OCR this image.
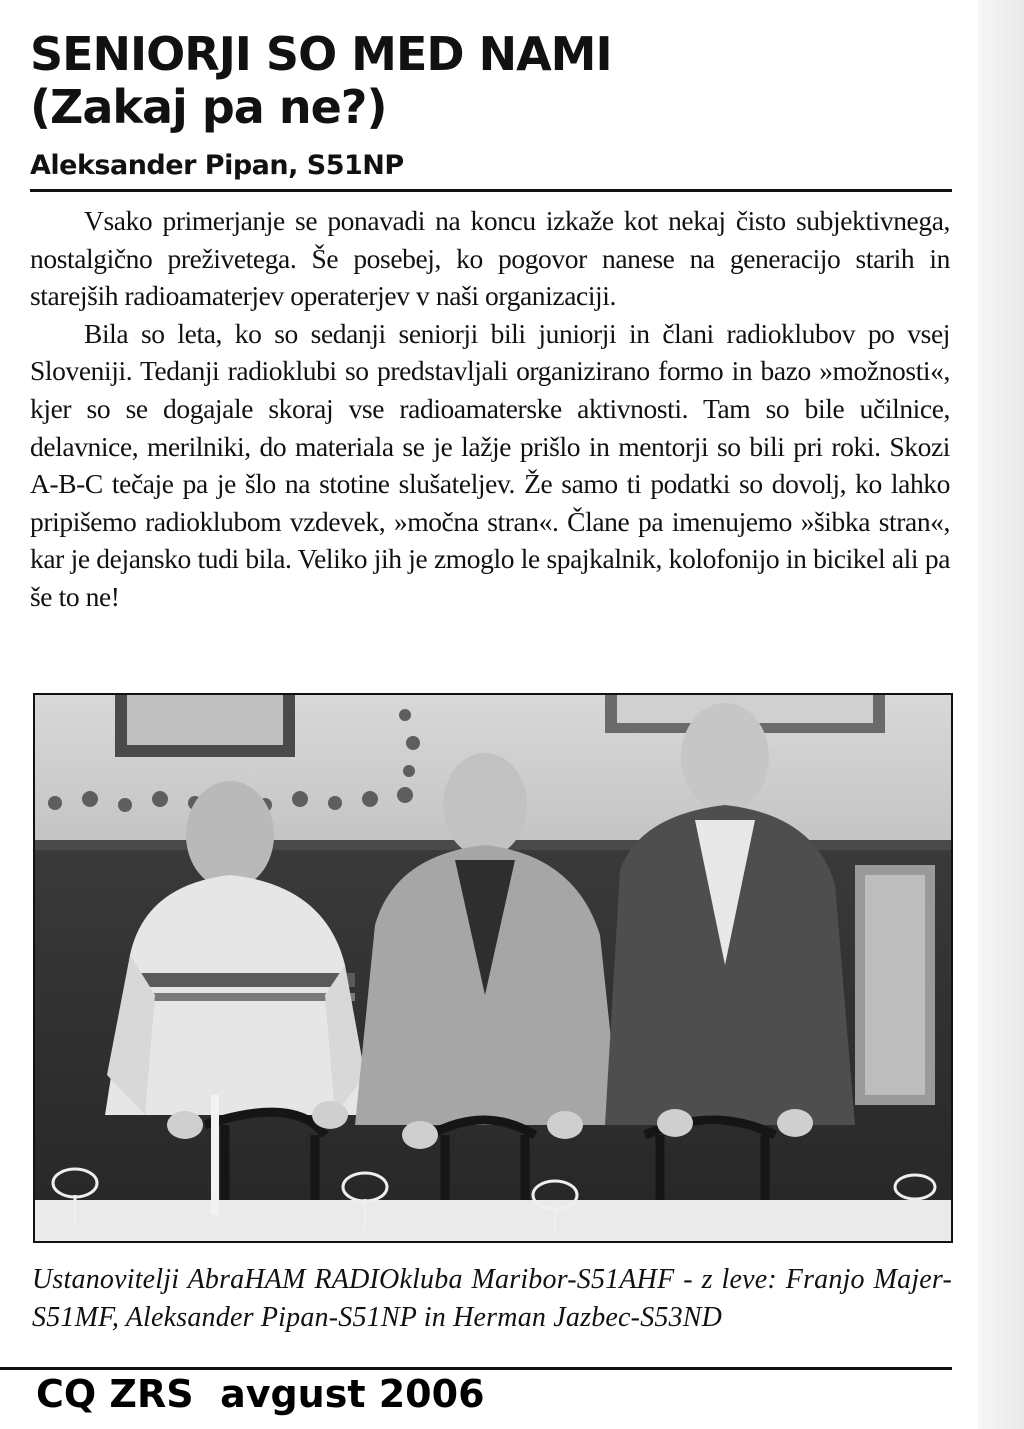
SENIORJI SO MED NAMI
(Zakaj pa ne?)
Aleksander Pipan, S51NP

Vsako primerjanje se ponavadi na koncu izkaže kot nekaj čisto subjektivnega, nostalgično preživetega. Še posebej, ko pogovor nanese na generacijo starih in starejših radioamaterjev operaterjev v naši organizaciji.

Bila so leta, ko so sedanji seniorji bili juniorji in člani radioklubov po vsej Sloveniji. Tedanji radioklubi so predstavljali organizirano formo in bazo »možnosti«, kjer so se dogajale skoraj vse radioamaterske aktivnosti. Tam so bile učilnice, delavnice, merilniki, do materiala se je lažje prišlo in mentorji so bili pri roki. Skozi A-B-C tečaje pa je šlo na stotine slušateljev. Že samo ti podatki so dovolj, ko lahko pripišemo radioklubom vzdevek, »močna stran«. Člane pa imenujemo »šibka stran«, kar je dejansko tudi bila. Veliko jih je zmoglo le spajkalnik, kolofonijo in bicikel ali pa še to ne!

Ustanovitelji AbraHAM RADIOkluba Maribor-S51AHF - z leve: Franjo Majer-S51MF, Aleksander Pipan-S51NP in Herman Jazbec-S53ND
CQ ZRS  avgust 2006
